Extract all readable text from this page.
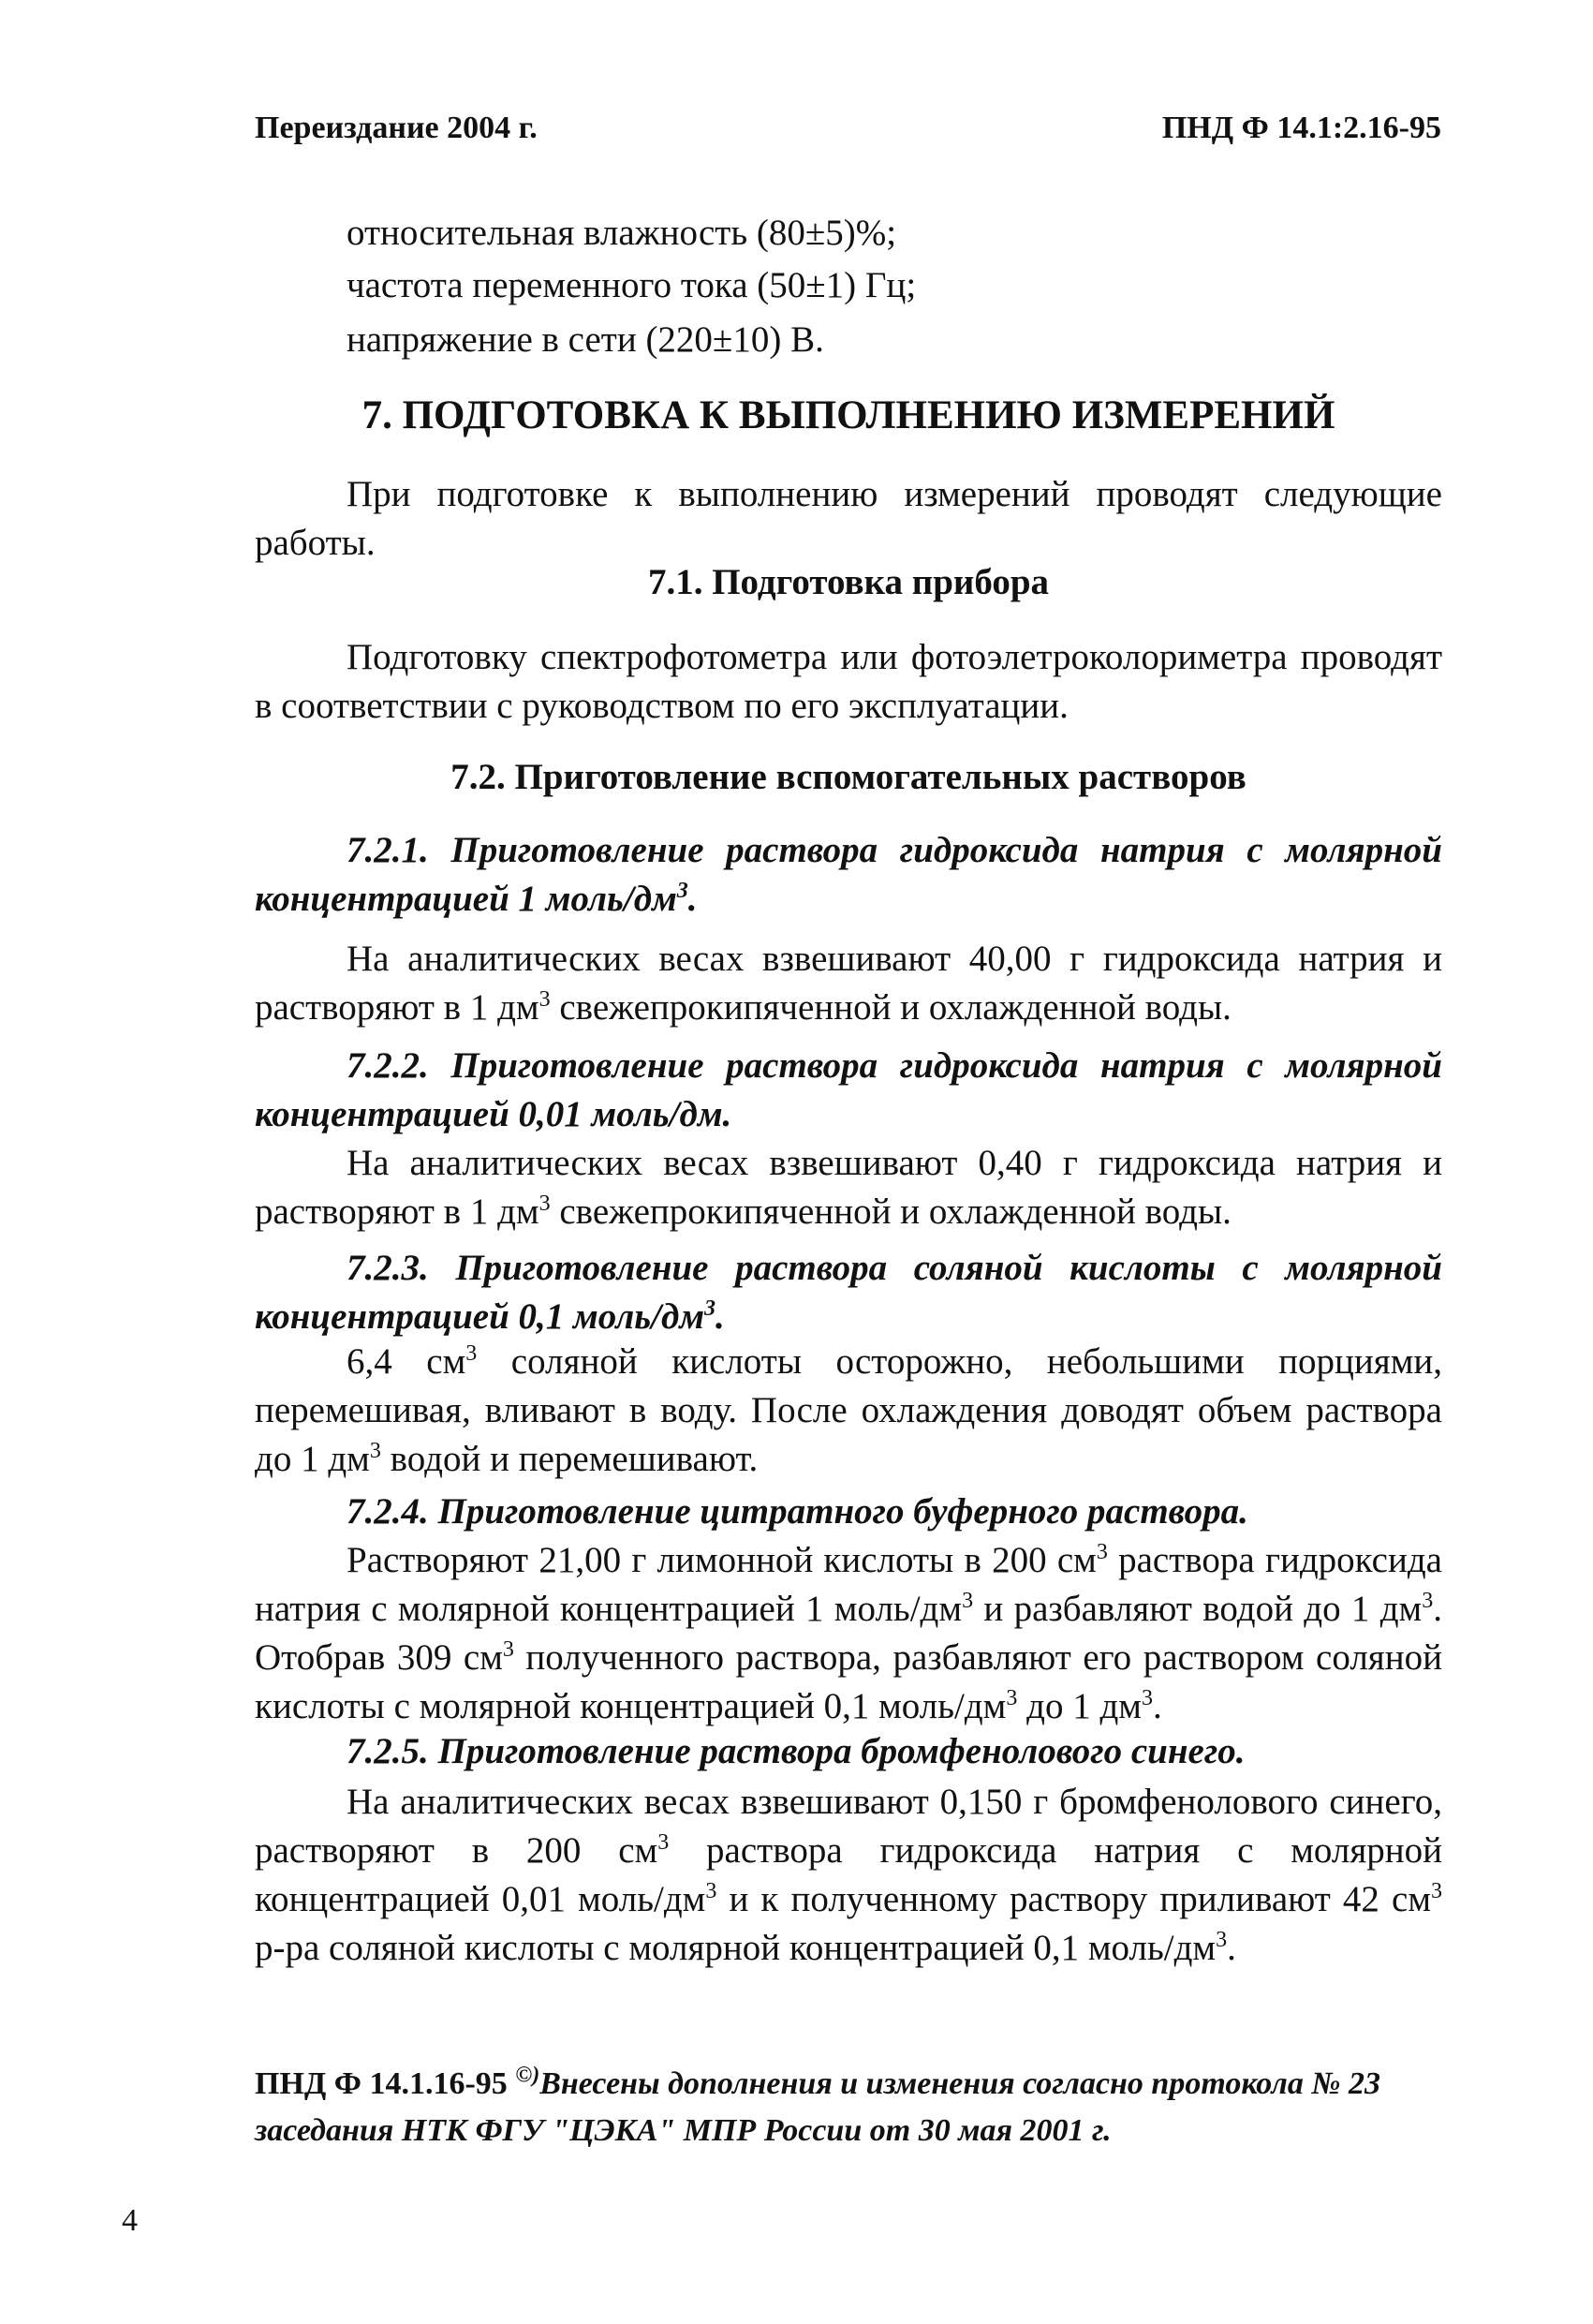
Переиздание 2004 г.	ПНД Ф 14.1:2.16-95
относительная влажность (80±5)%;
частота переменного тока (50±1) Гц;
напряжение в сети (220±10) В.
7. ПОДГОТОВКА К ВЫПОЛНЕНИЮ ИЗМЕРЕНИЙ
При подготовке к выполнению измерений проводят следующие работы.
7.1. Подготовка прибора
Подготовку спектрофотометра или фотоэлетроколориметра проводят в соответствии с руководством по его эксплуатации.
7.2. Приготовление вспомогательных растворов
7.2.1. Приготовление раствора гидроксида натрия с молярной концентрацией 1 моль/$дм^3$.
На аналитических весах взвешивают 40,00 г гидроксида натрия и растворяют в 1 $дм^3$ свежепрокипяченной и охлажденной воды.
7.2.2. Приготовление раствора гидроксида натрия с молярной концентрацией 0,01 моль/дм.
На аналитических весах взвешивают 0,40 г гидроксида натрия и растворяют в 1 $дм^3$ свежепрокипяченной и охлажденной воды.
7.2.3. Приготовление раствора соляной кислоты с молярной концентрацией 0,1 моль/$дм^3$.
6,4 $см^3$ соляной кислоты осторожно, небольшими порциями, перемешивая, вливают в воду. После охлаждения доводят объем раствора до 1 $дм^3$ водой и перемешивают.
7.2.4. Приготовление цитратного буферного раствора.
Растворяют 21,00 г лимонной кислоты в 200 $см^3$ раствора гидроксида натрия с молярной концентрацией 1 моль/$дм^3$ и разбавляют водой до 1 $дм^3$. Отобрав 309 $см^3$ полученного раствора, разбавляют его раствором соляной кислоты с молярной концентрацией 0,1 моль/$дм^3$ до 1 $дм^3$.
7.2.5. Приготовление раствора бромфенолового синего.
На аналитических весах взвешивают 0,150 г бромфенолового синего, растворяют в 200 $см^3$ раствора гидроксида натрия с молярной концентрацией 0,01 моль/$дм^3$ и к полученному раствору приливают 42 $см^3$ р-ра соляной кислоты с молярной концентрацией 0,1 моль/$дм^3$.
ПНД Ф 14.1.16-95 ©)Внесены дополнения и изменения согласно протокола № 23 заседания НТК ФГУ "ЦЭКА" МПР России от 30 мая 2001 г.
4
